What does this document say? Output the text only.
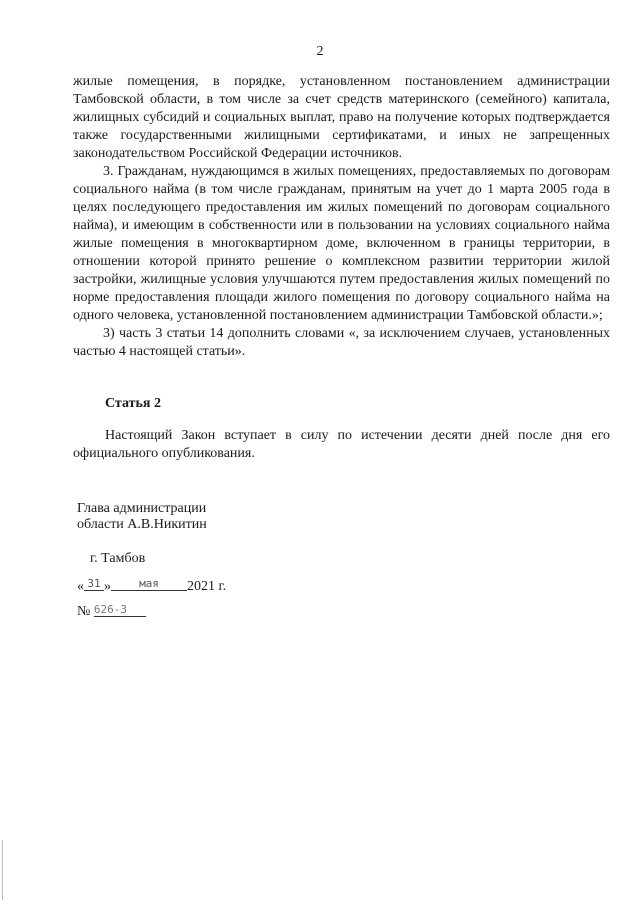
2

жилые помещения, в порядке, установленном постановлением администрации Тамбовской области, в том числе за счет средств материнского (семейного) капитала, жилищных субсидий и социальных выплат, право на получение которых подтверждается также государственными жилищными сертификатами, и иных не запрещенных законодательством Российской Федерации источников.

3. Гражданам, нуждающимся в жилых помещениях, предоставляемых по договорам социального найма (в том числе гражданам, принятым на учет до 1 марта 2005 года в целях последующего предоставления им жилых помещений по договорам социального найма), и имеющим в собственности или в пользовании на условиях социального найма жилые помещения в многоквартирном доме, включенном в границы территории, в отношении которой принято решение о комплексном развитии территории жилой застройки, жилищные условия улучшаются путем предоставления жилых помещений по норме предоставления площади жилого помещения по договору социального найма на одного человека, установленной постановлением администрации Тамбовской области.»;

3) часть 3 статьи 14 дополнить словами «, за исключением случаев, установленных частью 4 настоящей статьи».

Статья 2
Настоящий Закон вступает в силу по истечении десяти дней после дня его официального опубликования.
Глава администрации
области А.В.Никитин
г. Тамбов
« 31 »	мая 2021 г.
№ 626-З
